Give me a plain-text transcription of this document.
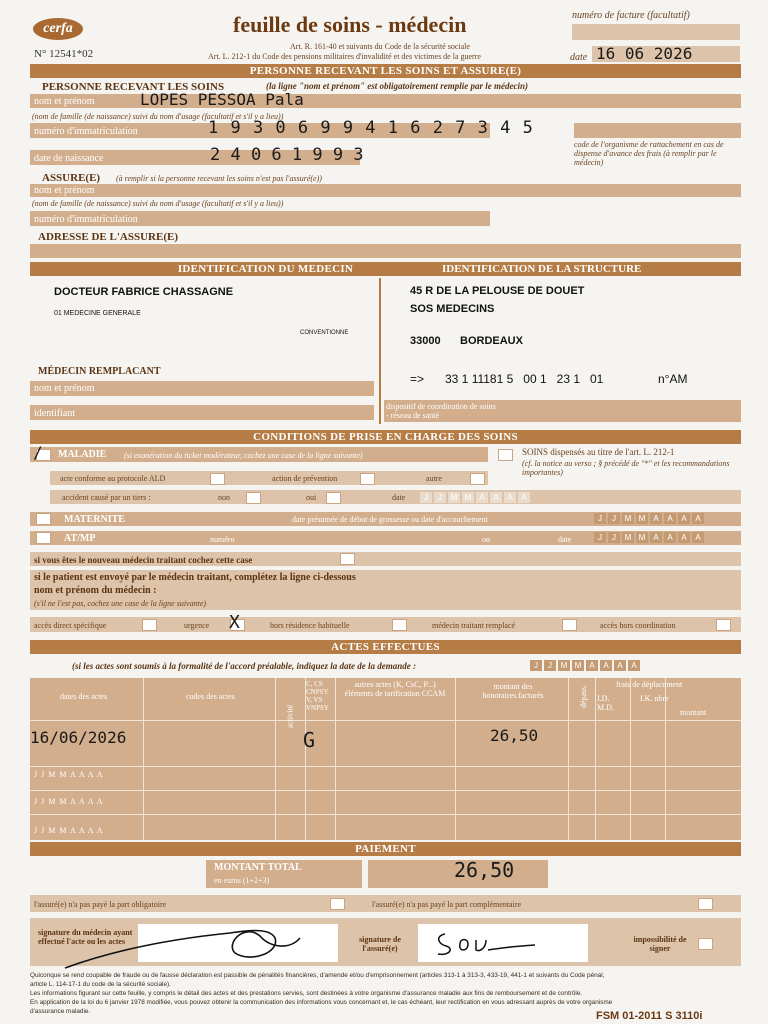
cerfa
N° 12541*02
feuille de soins - médecin
Art. R. 161-40 et suivants du Code de la sécurité sociale
Art. L. 212-1 du Code des pensions militaires d'invalidité et des victimes de la guerre
numéro de facture (facultatif)
date 16 06 2026
PERSONNE RECEVANT LES SOINS ET ASSURE(E)
PERSONNE RECEVANT LES SOINS	(la ligne "nom et prénom" est obligatoirement remplie par le médecin)
nom et prénom	LOPES PESSOA Pala
(nom de famille (de naissance) suivi du nom d'usage (facultatif et s'il y a lieu))
numéro d'immatriculation	1 9 3 0 6 9 9 4 1 6 2 7 3 4 5
code de l'organisme de rattachement en cas de dispense d'avance des frais (à remplir par le médecin)
date de naissance	2 4 0 6 1 9 9 3
ASSURE(E) (à remplir si la personne recevant les soins n'est pas l'assuré(e))
nom et prénom
(nom de famille (de naissance) suivi du nom d'usage (facultatif et s'il y a lieu))
numéro d'immatriculation
ADRESSE DE L'ASSURE(E)
IDENTIFICATION DU MEDECIN	IDENTIFICATION DE LA STRUCTURE
DOCTEUR FABRICE CHASSAGNE
01 MEDECINE GENERALE
CONVENTIONNE
MÉDECIN REMPLACANT
nom et prénom
identifiant
45 R DE LA PELOUSE DE DOUET
SOS MEDECINS
33000 BORDEAUX
=> 33 1 11181 5   00 1   23 1   01	n°AM
dispositif de coordination de soins - réseau de santé
CONDITIONS DE PRISE EN CHARGE DES SOINS
/ MALADIE (si exonération du ticket modérateur, cochez une case de la ligne suivante)	SOINS dispensés au titre de l'art. L. 212-1
(cf. la notice au verso ; § précédé de "*" et les recommandations importantes)
acte conforme au protocole ALD	action de prévention	autre
accident causé par un tiers :	non	oui	date	J	J	M M	A	A	A	A
MATERNITE	date présumée de début de grossesse ou date d'accouchement	J	J	M M	A	A	A	A
AT/MP	numéro	ou	date	J	J	M M	A	A	A	A
si vous êtes le nouveau médecin traitant cochez cette case
si le patient est envoyé par le médecin traitant, complétez la ligne ci-dessous
nom et prénom du médecin :
(s'il ne l'est pas, cochez une case de la ligne suivante)
accès direct spécifique	urgence X	hors résidence habituelle	médecin traitant remplacé	accès hors coordination
ACTES EFFECTUES
(si les actes sont soumis à la formalité de l'accord préalable, indiquez la date de la demande :	J	J	M M	A	A	A	A
dates des actes	codes des actes
activité
C, CS CNPSY V, VS VNPSY
autres actes (K, CsC, P...) éléments de tarification CCAM
montant des honoraires facturés	dépass.
frais de déplacement
I.D. M.D.
I.K. nbre
montant
16/06/2026	G	26,50
J J M M A A A A
J J M M A A A A
J J M M A A A A
PAIEMENT
MONTANT TOTAL
en euros (1+2+3)	26,50
l'assuré(e) n'a pas payé la part obligatoire	l'assuré(e) n'a pas payé la part complémentaire
signature du médecin ayant effectué l'acte ou les actes	signature de l'assuré(e)
impossibilité de signer
Quiconque se rend coupable de fraude ou de fausse déclaration est passible de pénalités financières, d'amende et/ou d'emprisonnement (articles 313-1 à 313-3, 433-19, 441-1 et suivants du Code pénal,
article L. 114-17-1 du code de la sécurité sociale).
Les informations figurant sur cette feuille, y compris le détail des actes et des prestations servies, sont destinées à votre organisme d'assurance maladie aux fins de remboursement et de contrôle.
En application de la loi du 6 janvier 1978 modifiée, vous pouvez obtenir la communication des informations vous concernant et, le cas échéant, leur rectification en vous adressant auprès de votre organisme
d'assurance maladie.	FSM 01-2011 S 3110i
